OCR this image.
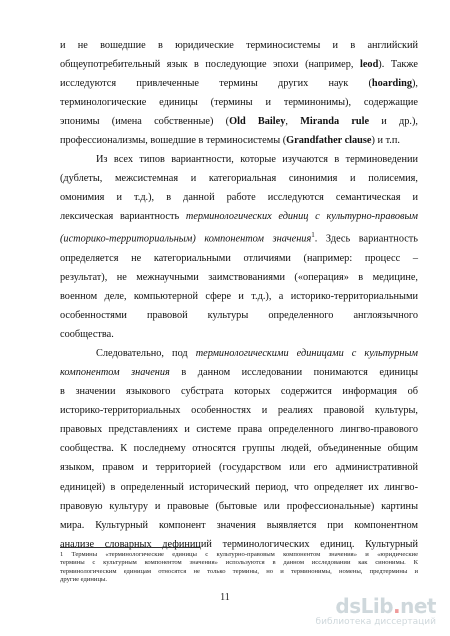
и не вошедшие в юридические терминосистемы и в английский
общеупотребительный язык в последующие эпохи (например, leod). Также
исследуются привлеченные термины других наук (hoarding),
терминологические единицы (термины и терминонимы), содержащие
эпонимы (имена собственные) (Old Bailey, Miranda rule и др.),
профессионализмы, вошедшие в терминосистемы (Grandfather clause) и т.п.

Из всех типов вариантности, которые изучаются в терминоведении
(дублеты, межсистемная и категориальная синонимия и полисемия,
омонимия и т.д.), в данной работе исследуются семантическая и
лексическая вариантность терминологических единиц с культурно-правовым
(историко-территориальным) компонентом значения$^1$. Здесь вариантность
определяется не категориальными отличиями (например: процесс –
результат), не межнаучными заимствованиями («операция» в медицине,
военном деле, компьютерной сфере и т.д.), а историко-территориальными
особенностями правовой культуры определенного англоязычного
сообщества.

Следовательно, под терминологическими единицами с культурным
компонентом значения в данном исследовании понимаются единицы
в значении языкового субстрата которых содержится информация об
историко-территориальных особенностях и реалиях правовой культуры,
правовых представлениях и системе права определенного лингво-правового
сообщества. К последнему относятся группы людей, объединенные общим
языком, правом и территорией (государством или его административной
единицей) в определенный исторический период, что определяет их лингво-
правовую культуру и правовые (бытовые или профессиональные) картины
мира. Культурный компонент значения выявляется при компонентном
анализе словарных дефиниций терминологических единиц. Культурный

1 Термины «терминологические единицы с культурно-правовым компонентом значения» и «юридические
термины с культурным компонентом значения» используются в данном исследовании как синонимы. К
терминологическим единицам относятся не только термины, но и терминонимы, номены, предтермины и
другие единицы.

11	dsLib.net
библиотека диссертаций
